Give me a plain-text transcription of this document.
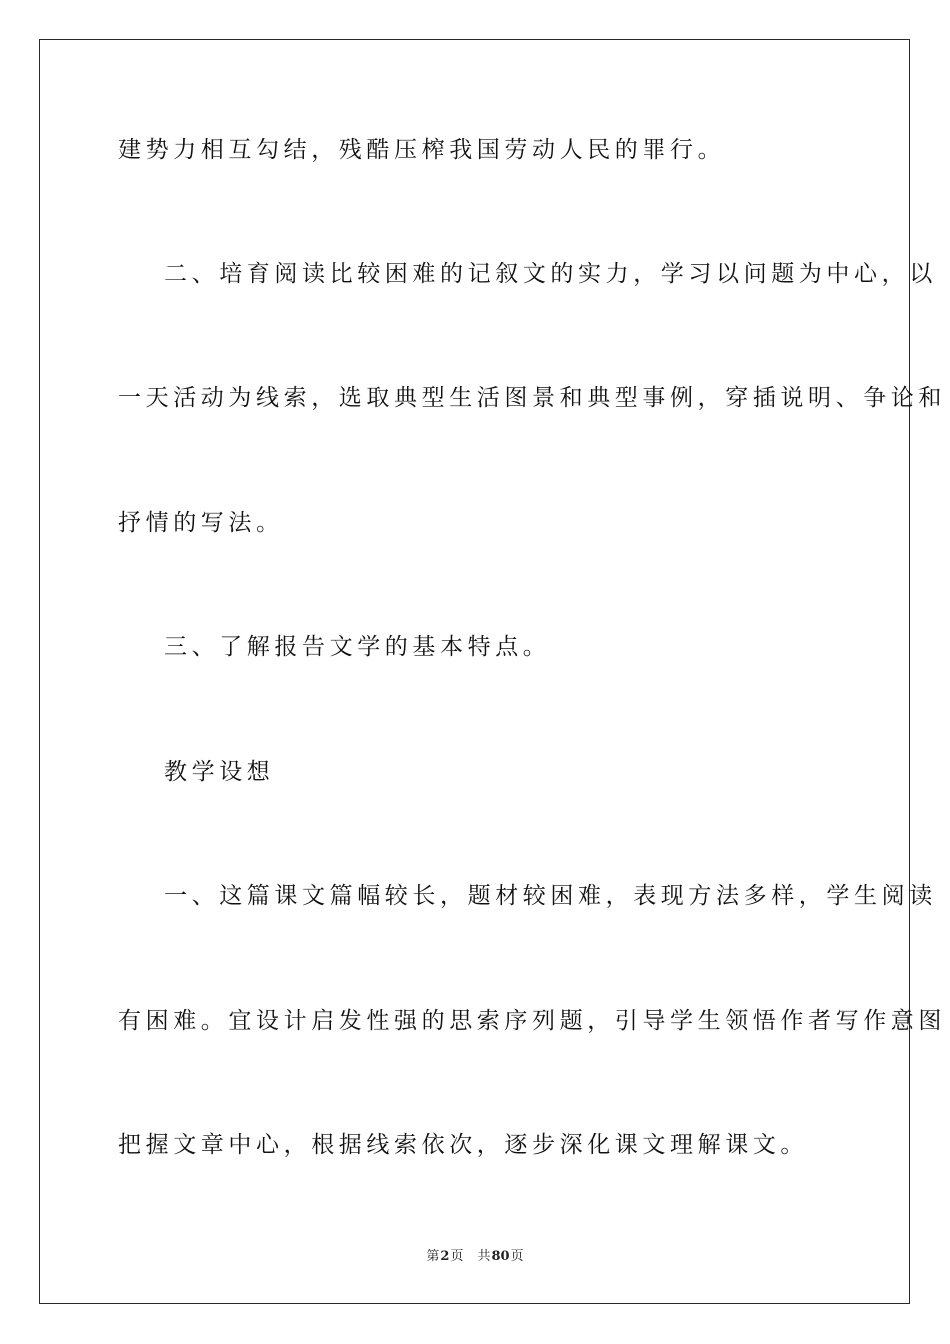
建势力相互勾结，残酷压榨我国劳动人民的罪行。
二、培育阅读比较困难的记叙文的实力，学习以问题为中心，以
一天活动为线索，选取典型生活图景和典型事例，穿插说明、争论和
抒情的写法。
三、了解报告文学的基本特点。
教学设想
一、这篇课文篇幅较长，题材较困难，表现方法多样，学生阅读
有困难。宜设计启发性强的思索序列题，引导学生领悟作者写作意图
把握文章中心，根据线索依次，逐步深化课文理解课文。
第2页 共80页
